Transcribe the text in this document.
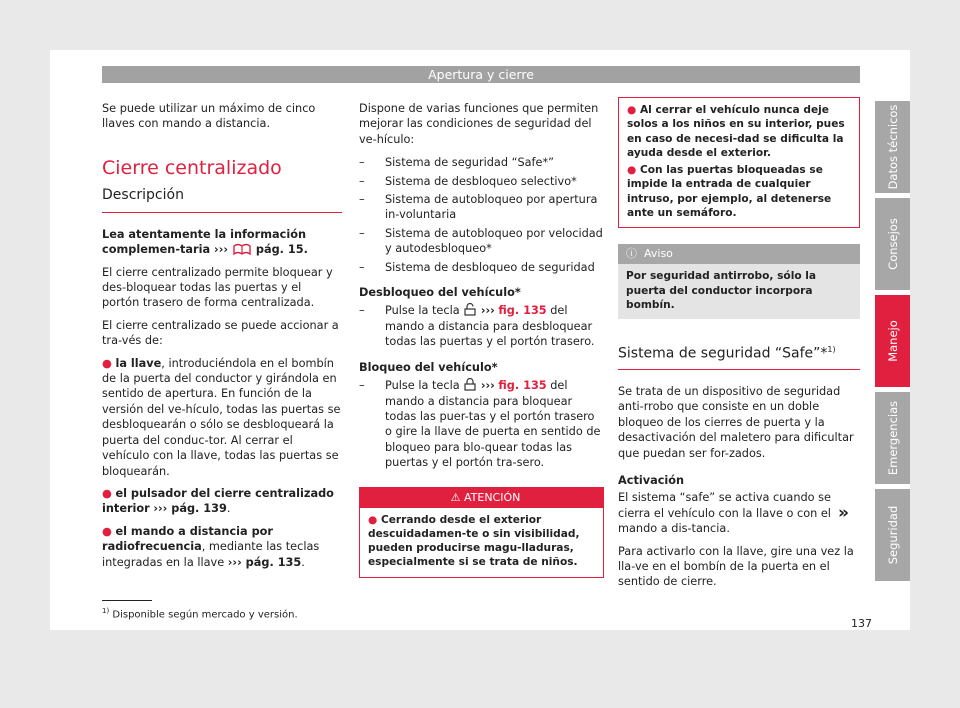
Apertura y cierre

Se puede utilizar un máximo de cinco llaves con mando a distancia.

Cierre centralizado
Descripción

Lea atentamente la información complemen-taria ››› pág. 15.

El cierre centralizado permite bloquear y des-bloquear todas las puertas y el portón trasero de forma centralizada.

El cierre centralizado se puede accionar a tra-vés de:

● la llave, introduciéndola en el bombín de la puerta del conductor y girándola en sentido de apertura. En función de la versión del ve-hículo, todas las puertas se desbloquearán o sólo se desbloqueará la puerta del conduc-tor. Al cerrar el vehículo con la llave, todas las puertas se bloquearán.

● el pulsador del cierre centralizado interior ››› pág. 139.

● el mando a distancia por radiofrecuencia, mediante las teclas integradas en la llave ››› pág. 135.

Dispone de varias funciones que permiten mejorar las condiciones de seguridad del ve-hículo:

– Sistema de seguridad “Safe*”
– Sistema de desbloqueo selectivo*
– Sistema de autobloqueo por apertura in-voluntaria
– Sistema de autobloqueo por velocidad y autodesbloqueo*
– Sistema de desbloqueo de seguridad

Desbloqueo del vehículo*

– Pulse la tecla ››› fig. 135 del mando a distancia para desbloquear todas las puertas y el portón trasero.

Bloqueo del vehículo*

– Pulse la tecla ››› fig. 135 del mando a distancia para bloquear todas las puer-tas y el portón trasero o gire la llave de puerta en sentido de bloqueo para blo-quear todas las puertas y el portón tra-sero.
⚠ ATENCIÓN
● Cerrando desde el exterior descuidadamen-te o sin visibilidad, pueden producirse magu-lladuras, especialmente si se trata de niños.
● Al cerrar el vehículo nunca deje solos a los niños en su interior, pues en caso de necesi-dad se dificulta la ayuda desde el exterior.
● Con las puertas bloqueadas se impide la entrada de cualquier intruso, por ejemplo, al detenerse ante un semáforo.
ⓘ Aviso
Por seguridad antirrobo, sólo la puerta del conductor incorpora bombín.
Sistema de seguridad “Safe”*$^{1)}$

Se trata de un dispositivo de seguridad anti-rrobo que consiste en un doble bloqueo de los cierres de puerta y la desactivación del maletero para dificultar que puedan ser for-zados.

Activación

El sistema “safe” se activa cuando se cierra el vehículo con la llave o con el mando a dis-tancia.

Para activarlo con la llave, gire una vez la lla-ve en el bombín de la puerta en el sentido de cierre.

»
Datos técnicos
Consejos
Manejo
Emergencias
Seguridad
$^{1)}$ Disponible según mercado y versión.
137
